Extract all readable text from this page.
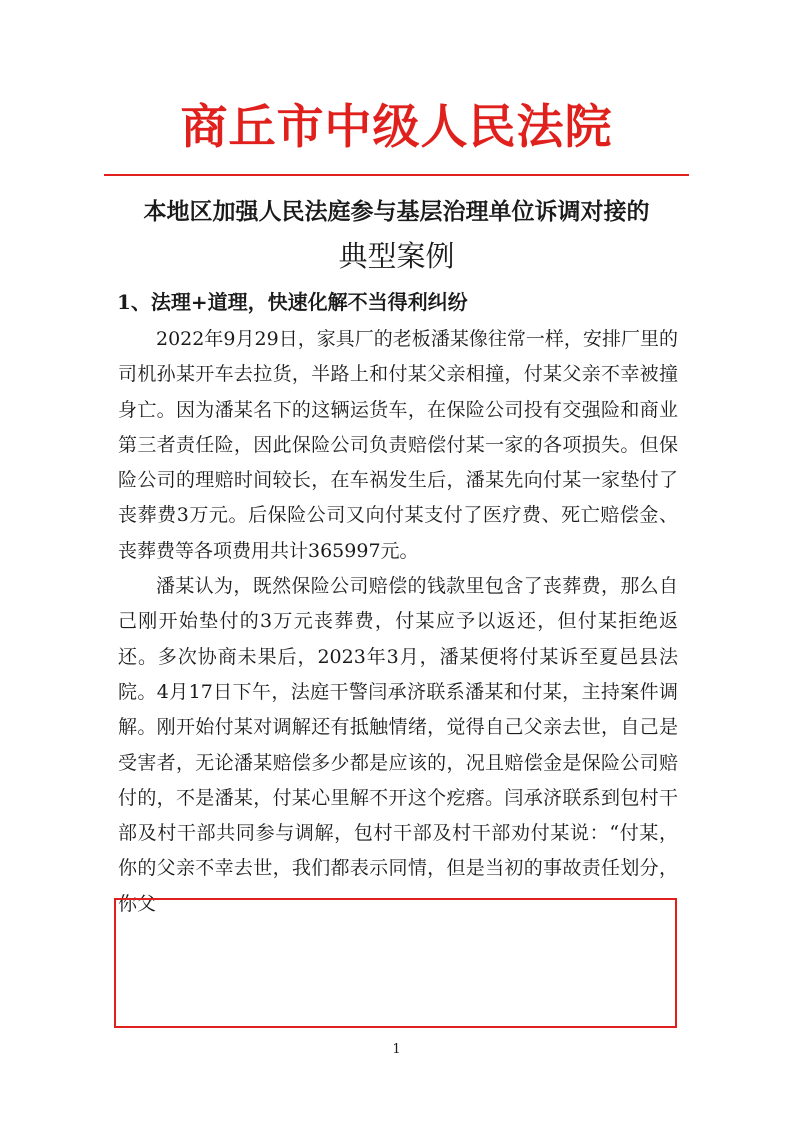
商丘市中级人民法院
本地区加强人民法庭参与基层治理单位诉调对接的
典型案例
1、法理+道理，快速化解不当得利纠纷

2022年9月29日，家具厂的老板潘某像往常一样，安排厂里的司机孙某开车去拉货，半路上和付某父亲相撞，付某父亲不幸被撞身亡。因为潘某名下的这辆运货车，在保险公司投有交强险和商业第三者责任险，因此保险公司负责赔偿付某一家的各项损失。但保险公司的理赔时间较长，在车祸发生后，潘某先向付某一家垫付了丧葬费3万元。后保险公司又向付某支付了医疗费、死亡赔偿金、丧葬费等各项费用共计365997元。

潘某认为，既然保险公司赔偿的钱款里包含了丧葬费，那么自己刚开始垫付的3万元丧葬费，付某应予以返还，但付某拒绝返还。多次协商未果后，2023年3月，潘某便将付某诉至夏邑县法院。4月17日下午，法庭干警闫承济联系潘某和付某，主持案件调解。刚开始付某对调解还有抵触情绪，觉得自己父亲去世，自己是受害者，无论潘某赔偿多少都是应该的，况且赔偿金是保险公司赔付的，不是潘某，付某心里解不开这个疙瘩。闫承济联系到包村干部及村干部共同参与调解，包村干部及村干部劝付某说：“付某，你的父亲不幸去世，我们都表示同情，但是当初的事故责任划分，你父

1
